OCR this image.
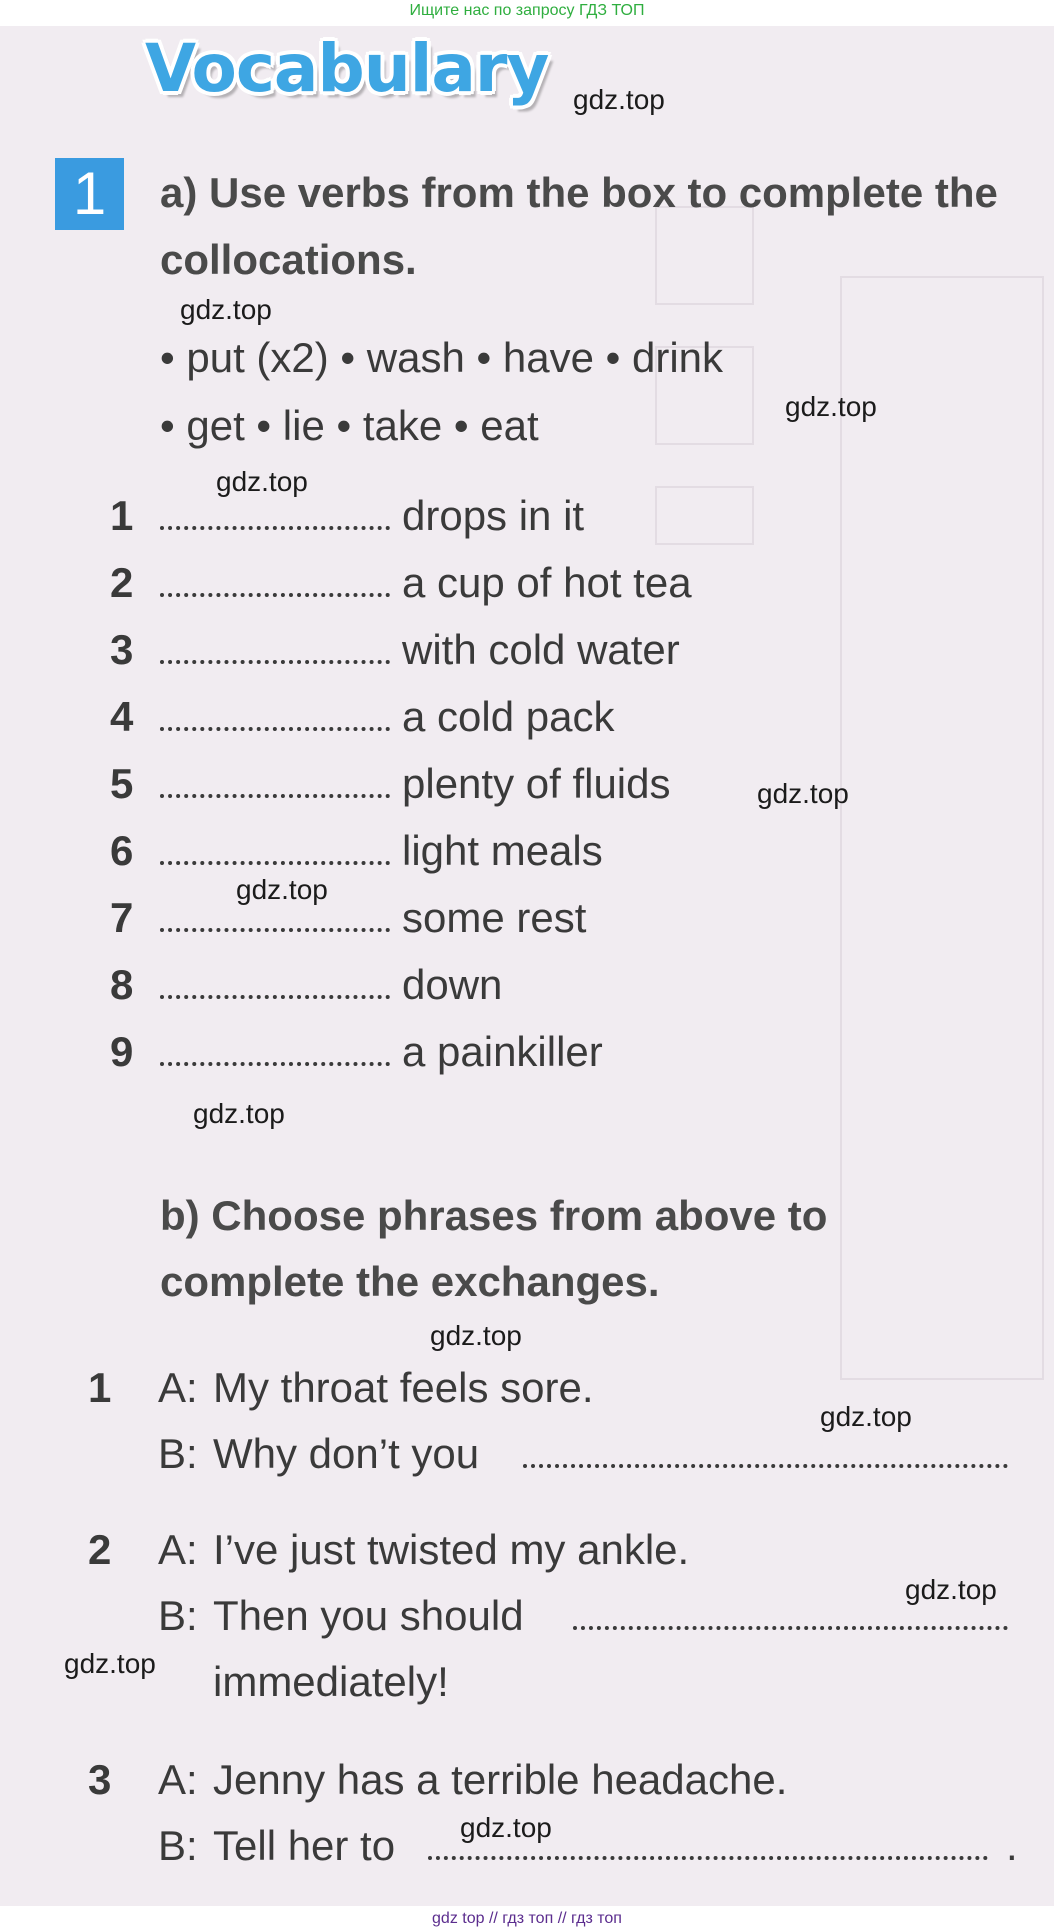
Ищите нас по запросу ГДЗ ТОП
Vocabulary
1	a) Use verbs from the box to complete the
collocations.
• put (x2) • wash • have • drink
• get • lie • take • eat
1	drops in it
2	a cup of hot tea
3	with cold water
4	a cold pack
5	plenty of fluids
6	light meals
7	some rest
8	down
9	a painkiller
b) Choose phrases from above to
complete the exchanges.
1 A: My throat feels sore.
B: Why don’t you
2 A: I’ve just twisted my ankle.
B: Then you should
immediately!
3 A: Jenny has a terrible headache.
B: Tell her to	.
gdz.top
gdz.top
gdz.top
gdz.top
gdz.top
gdz.top
gdz.top
gdz.top
gdz.top
gdz.top
gdz.top
gdz.top
gdz top // гдз топ // гдз топ
